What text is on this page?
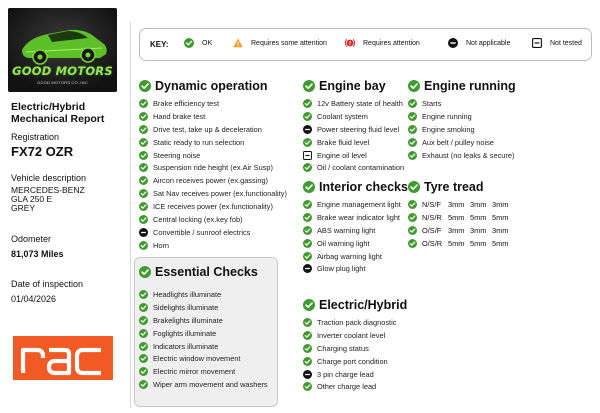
GOOD MOTORS
GOOD MOTORS CO.,INC
Electric/Hybrid Mechanical Report
Registration
FX72 OZR
Vehicle description
MERCEDES-BENZ
GLA 250 E
GREY
Odometer
81,073 Miles
Date of inspection
01/04/2026
KEY:	OK	Requires some attention	Requires attention	Not applicable	Not tested
Dynamic operation
Brake efficiency test
Hand brake test
Drive test, take up & deceleration
Static ready to run selection
Steering noise
Suspension ride height (ex.Air Susp)
Aircon receives power (ex.gassing)
Sat Nav receives power (ex.functionality)
ICE receives power (ex.functionality)
Central locking (ex.key fob)
Convertible / sunroof electrics
Horn
Essential Checks
Headlights illuminate
Sidelights illuminate
Brakelights illuminate
Foglights illuminate
Indicators illuminate
Electric window movement
Electric mirror movement
Wiper arm movement and washers
Engine bay
12v Battery state of health
Coolant system
Power steering fluid level
Brake fluid level
Engine oil level
Oil / coolant contamination
Engine running
Starts
Engine running
Engine smoking
Aux belt / pulley noise
Exhaust (no leaks & secure)
Interior checks
Engine management light
Brake wear indicator light
ABS warning light
Oil warning light
Airbag warning light
Glow plug light
Tyre tread
N/S/F 3mm 3mm 3mm
N/S/R 5mm 5mm 5mm
O/S/F 3mm 3mm 3mm
O/S/R 5mm 5mm 5mm
Electric/Hybrid
Traction pack diagnostic
Inverter coolant level
Charging status
Charge port condition
3 pin charge lead
Other charge lead
